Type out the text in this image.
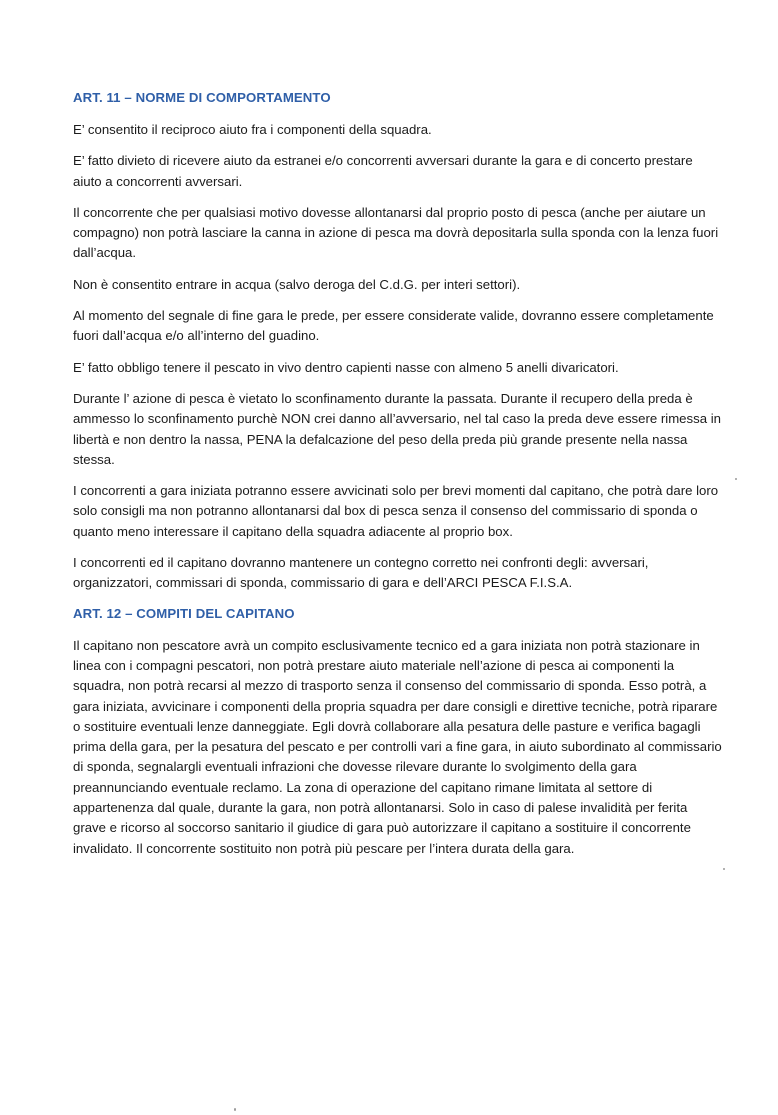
ART. 11 – NORME DI COMPORTAMENTO

E’ consentito il reciproco aiuto fra i componenti della squadra.

E’ fatto divieto di ricevere aiuto da estranei e/o concorrenti avversari durante la gara e di concerto prestare aiuto a concorrenti avversari.

Il concorrente che per qualsiasi motivo dovesse allontanarsi dal proprio posto di pesca (anche per aiutare un compagno) non potrà lasciare la canna in azione di pesca ma dovrà depositarla sulla sponda con la lenza fuori dall’acqua.

Non è consentito entrare in acqua (salvo deroga del C.d.G. per interi settori).

Al momento del segnale di fine gara le prede, per essere considerate valide, dovranno essere completamente fuori dall’acqua e/o all’interno del guadino.

E’ fatto obbligo tenere il pescato in vivo dentro capienti nasse con almeno 5 anelli divaricatori.

Durante l’ azione di pesca è vietato lo sconfinamento durante la passata. Durante il recupero della preda è ammesso lo sconfinamento purchè NON crei danno all’avversario, nel tal caso la preda deve essere rimessa in libertà e non dentro la nassa, PENA la defalcazione del peso della preda più grande presente nella nassa stessa.

I concorrenti a gara iniziata potranno essere avvicinati solo per brevi momenti dal capitano, che potrà dare loro solo consigli ma non potranno allontanarsi dal box di pesca senza il consenso del commissario di sponda o quanto meno interessare il capitano della squadra adiacente al proprio box.

I concorrenti ed il capitano dovranno mantenere un contegno corretto nei confronti degli: avversari, organizzatori, commissari di sponda, commissario di gara e dell’ARCI PESCA F.I.S.A.

ART. 12 – COMPITI DEL CAPITANO

Il capitano non pescatore avrà un compito esclusivamente tecnico ed a gara iniziata non potrà stazionare in linea con i compagni pescatori, non potrà prestare aiuto materiale nell’azione di pesca ai componenti la squadra, non potrà recarsi al mezzo di trasporto senza il consenso del commissario di sponda. Esso potrà, a gara iniziata, avvicinare i componenti della propria squadra per dare consigli e direttive tecniche, potrà riparare o sostituire eventuali lenze danneggiate. Egli dovrà collaborare alla pesatura delle pasture e verifica bagagli prima della gara, per la pesatura del pescato e per controlli vari a fine gara, in aiuto subordinato al commissario di sponda, segnalargli eventuali infrazioni che dovesse rilevare durante lo svolgimento della gara preannunciando eventuale reclamo. La zona di operazione del capitano rimane limitata al settore di appartenenza dal quale, durante la gara, non potrà allontanarsi. Solo in caso di palese invalidità per ferita grave e ricorso al soccorso sanitario il giudice di gara può autorizzare il capitano a sostituire il concorrente invalidato. Il concorrente sostituito non potrà più pescare per l’intera durata della gara.
